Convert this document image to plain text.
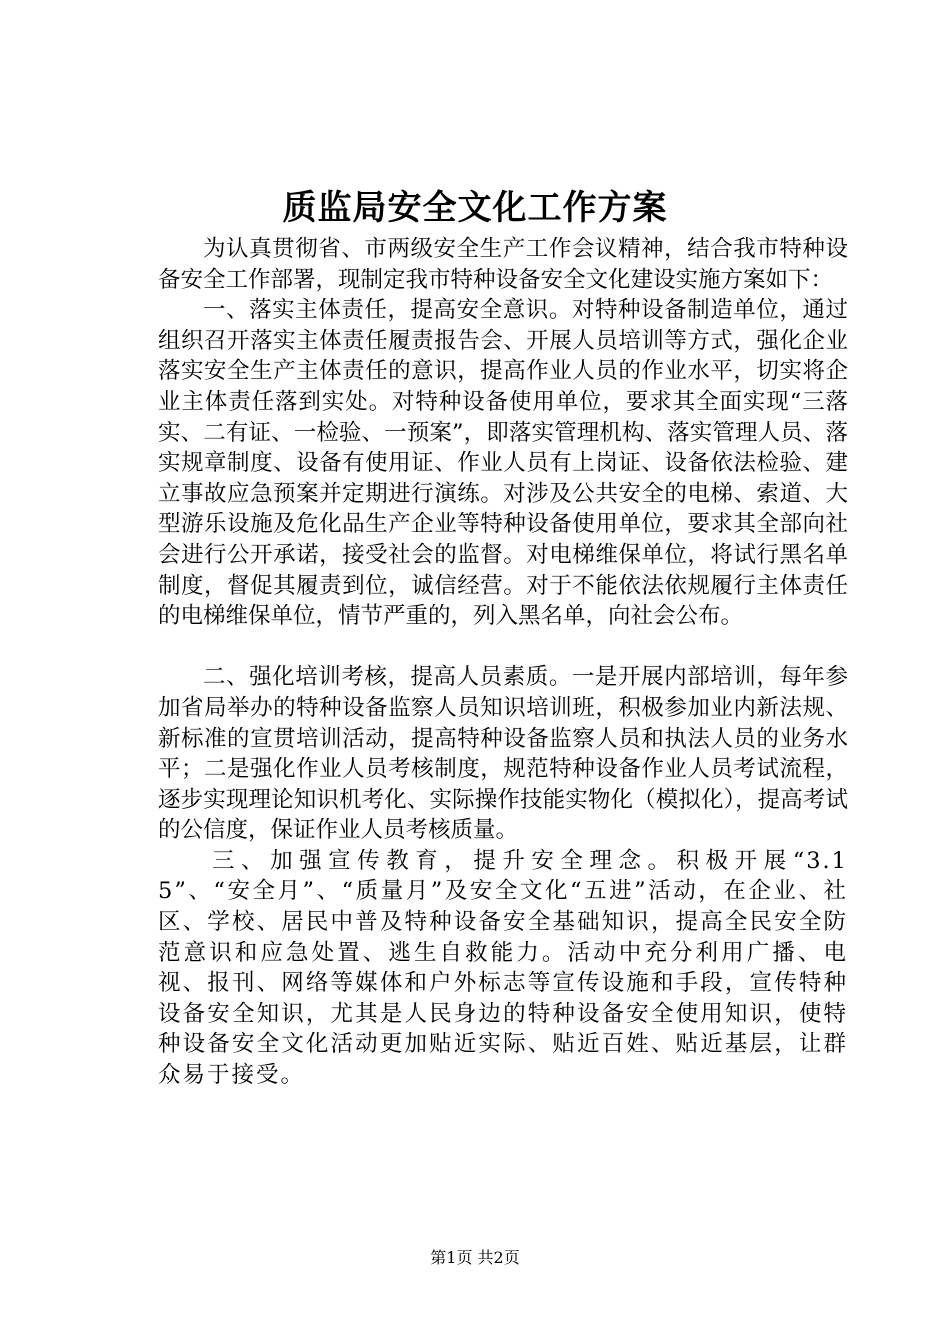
质监局安全文化工作方案

为认真贯彻省、市两级安全生产工作会议精神，结合我市特种设备安全工作部署，现制定我市特种设备安全文化建设实施方案如下：

一、落实主体责任，提高安全意识。对特种设备制造单位，通过组织召开落实主体责任履责报告会、开展人员培训等方式，强化企业落实安全生产主体责任的意识，提高作业人员的作业水平，切实将企业主体责任落到实处。对特种设备使用单位，要求其全面实现“三落实、二有证、一检验、一预案”，即落实管理机构、落实管理人员、落实规章制度、设备有使用证、作业人员有上岗证、设备依法检验、建立事故应急预案并定期进行演练。对涉及公共安全的电梯、索道、大型游乐设施及危化品生产企业等特种设备使用单位，要求其全部向社会进行公开承诺，接受社会的监督。对电梯维保单位，将试行黑名单制度，督促其履责到位，诚信经营。对于不能依法依规履行主体责任的电梯维保单位，情节严重的，列入黑名单，向社会公布。

二、强化培训考核，提高人员素质。一是开展内部培训，每年参加省局举办的特种设备监察人员知识培训班，积极参加业内新法规、新标准的宣贯培训活动，提高特种设备监察人员和执法人员的业务水平；二是强化作业人员考核制度，规范特种设备作业人员考试流程，逐步实现理论知识机考化、实际操作技能实物化（模拟化），提高考试的公信度，保证作业人员考核质量。

三、加强宣传教育，提升安全理念。积极开展“3.15”、“安全月”、“质量月”及安全文化“五进”活动，在企业、社区、学校、居民中普及特种设备安全基础知识，提高全民安全防范意识和应急处置、逃生自救能力。活动中充分利用广播、电视、报刊、网络等媒体和户外标志等宣传设施和手段，宣传特种设备安全知识，尤其是人民身边的特种设备安全使用知识，使特种设备安全文化活动更加贴近实际、贴近百姓、贴近基层，让群众易于接受。

第1页 共2页
